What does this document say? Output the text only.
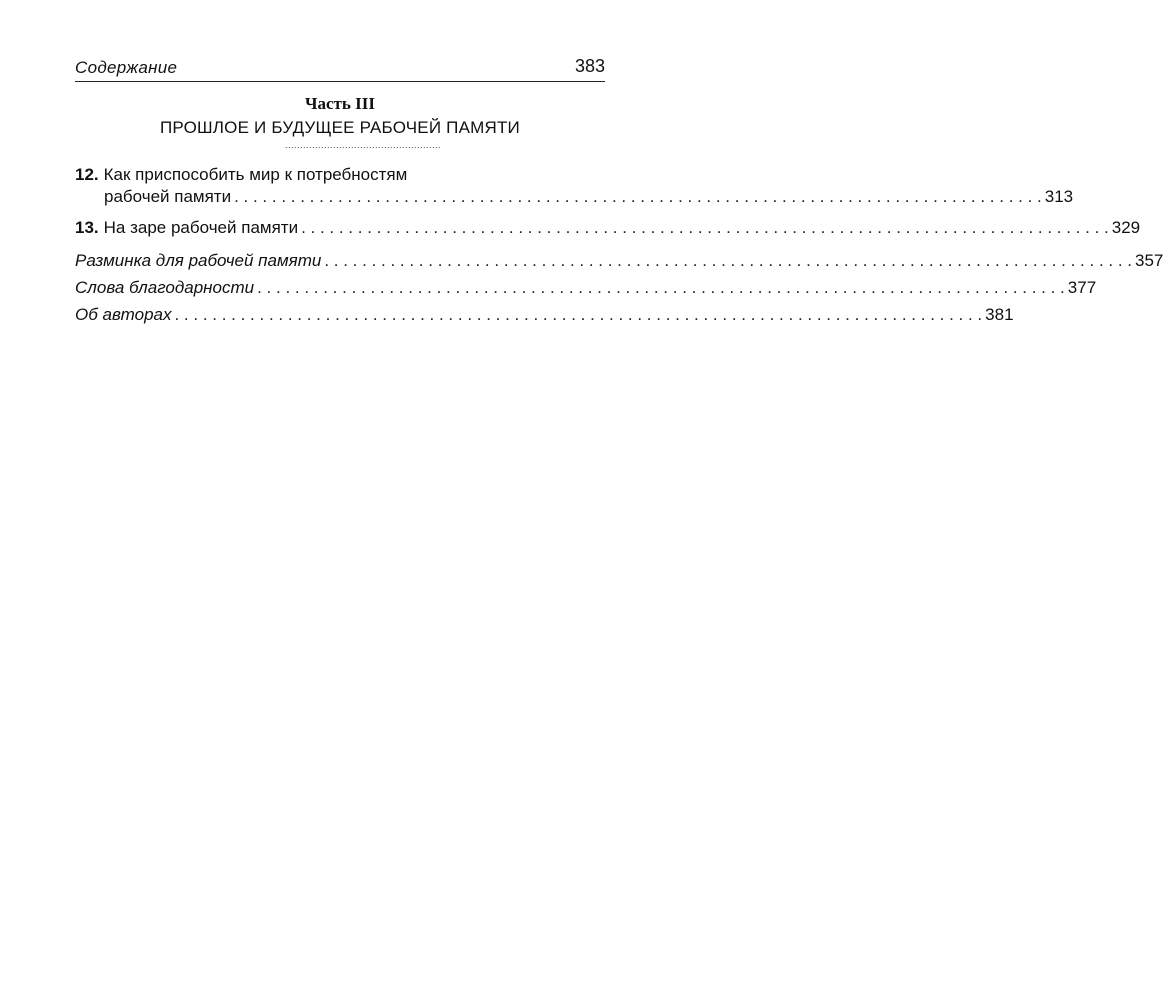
Содержание	383
Часть III
ПРОШЛОЕ И БУДУЩЕЕ РАБОЧЕЙ ПАМЯТИ
....................................................
12. Как приспособить мир к потребностям
рабочей памяти . . .	313
13. На заре рабочей памяти . . .	329
Разминка для рабочей памяти . . .	357
Слова благодарности . . .	377
Об авторах . . .	381
